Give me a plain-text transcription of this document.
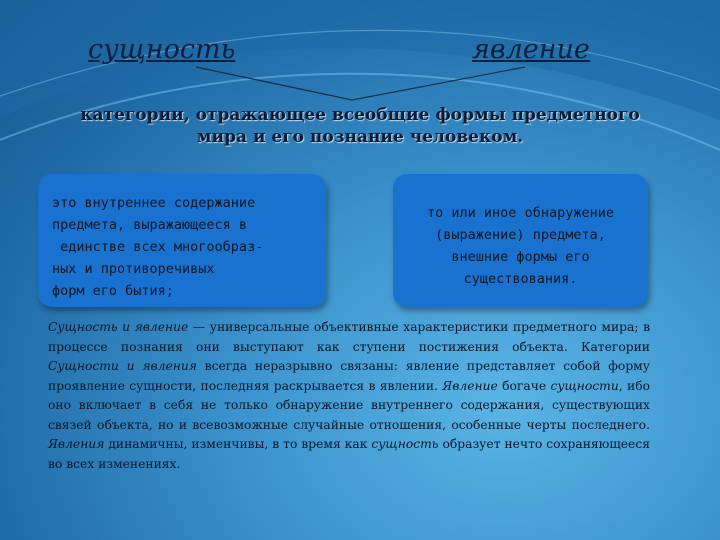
сущность	явление
категории, отражающее всеобщие формы предметного
мира и его познание человеком.
это внутреннее содержание
предмета, выражающееся в
единстве всех многообраз-
ных и противоречивых
форм его бытия;
то или иное обнаружение
(выражение) предмета,
внешние формы его
существования.
Сущность и явление — универсальные объективные характеристики предметного мира; в процессе познания они выступают как ступени постижения объекта. Категории Сущности и явления всегда неразрывно связаны: явление представляет собой форму проявление сущности, последняя раскрывается в явлении. Явление богаче сущности, ибо оно включает в себя не только обнаружение внутреннего содержания, существующих связей объекта, но и всевозможные случайные отношения, особенные черты последнего. Явления динамичны, изменчивы, в то время как сущность образует нечто сохраняющееся во всех изменениях.
